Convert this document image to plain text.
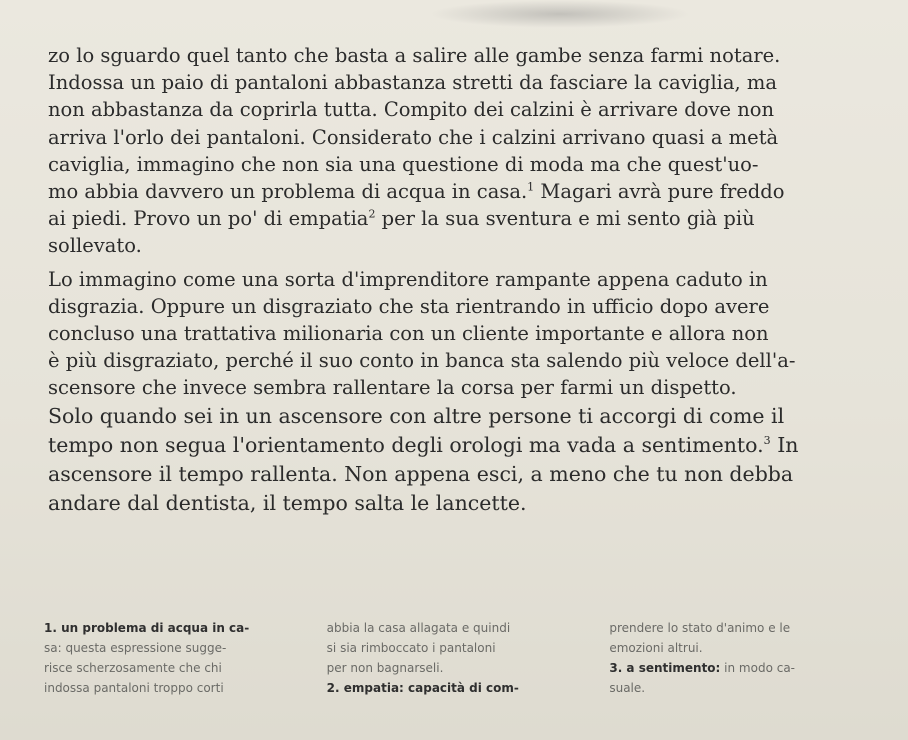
zo lo sguardo quel tanto che basta a salire alle gambe senza farmi notare.
Indossa un paio di pantaloni abbastanza stretti da fasciare la caviglia, ma
non abbastanza da coprirla tutta. Compito dei calzini è arrivare dove non
arriva l'orlo dei pantaloni. Considerato che i calzini arrivano quasi a metà
caviglia, immagino che non sia una questione di moda ma che quest'uo-
mo abbia davvero un problema di acqua in casa.$^1$ Magari avrà pure freddo
ai piedi. Provo un po' di empatia$^2$ per la sua sventura e mi sento già più
sollevato.
Lo immagino come una sorta d'imprenditore rampante appena caduto in
disgrazia. Oppure un disgraziato che sta rientrando in ufficio dopo avere
concluso una trattativa milionaria con un cliente importante e allora non
è più disgraziato, perché il suo conto in banca sta salendo più veloce dell'a-
scensore che invece sembra rallentare la corsa per farmi un dispetto.
Solo quando sei in un ascensore con altre persone ti accorgi di come il
tempo non segua l'orientamento degli orologi ma vada a sentimento.$^3$ In
ascensore il tempo rallenta. Non appena esci, a meno che tu non debba
andare dal dentista, il tempo salta le lancette.
1. un problema di acqua in ca-
sa: questa espressione sugge-
risce scherzosamente che chi
indossa pantaloni troppo corti
abbia la casa allagata e quindi
si sia rimboccato i pantaloni
per non bagnarseli.
2. empatia: capacità di com-
prendere lo stato d'animo e le
emozioni altrui.
3. a sentimento: in modo ca-
suale.
